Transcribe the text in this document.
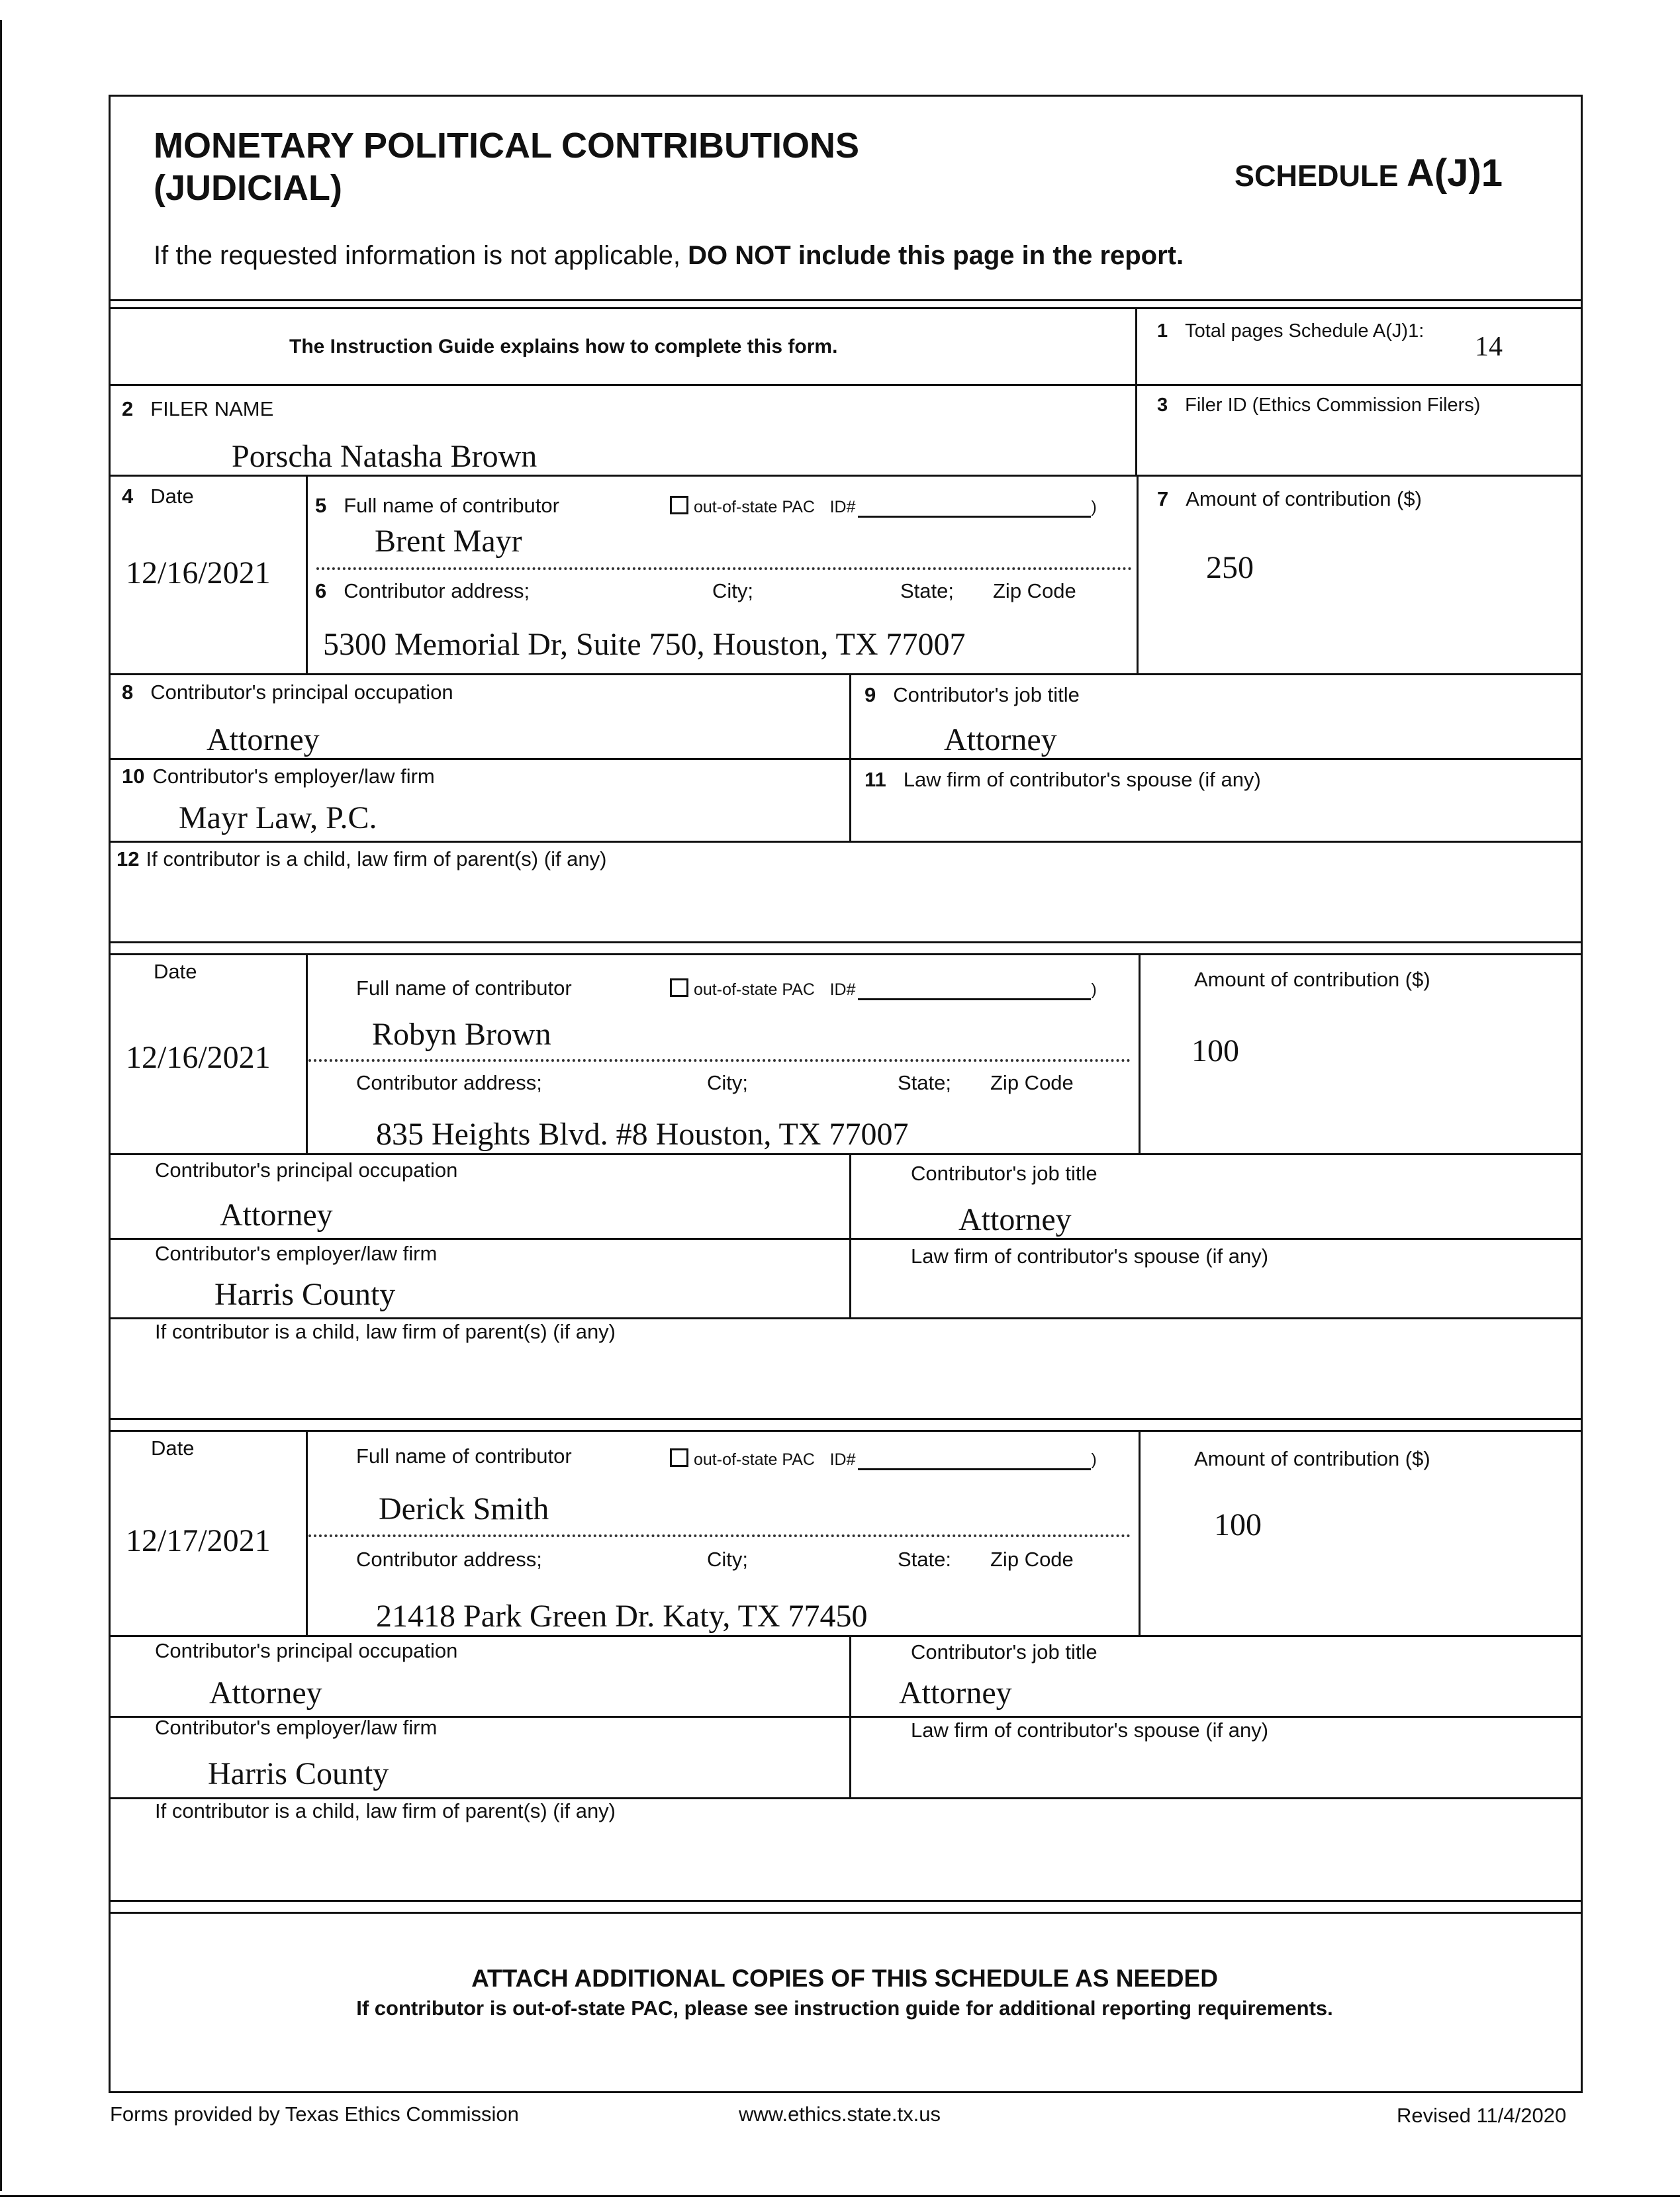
MONETARY POLITICAL CONTRIBUTIONS
(JUDICIAL)	SCHEDULE A(J)1
If the requested information is not applicable, DO NOT include this page in the report.
The Instruction Guide explains how to complete this form.
1 Total pages Schedule A(J)1:
14
2 FILER NAME
Porscha Natasha Brown
3 Filer ID (Ethics Commission Filers)
4 Date
12/16/2021
5 Full name of contributor	out-of-state PAC ID#	)
Brent Mayr
6 Contributor address;	City;	State; Zip Code
5300 Memorial Dr, Suite 750, Houston, TX 77007
7 Amount of contribution ($)
250
8 Contributor's principal occupation
Attorney
9 Contributor's job title
Attorney
10 Contributor's employer/law firm
Mayr Law, P.C.
11 Law firm of contributor's spouse (if any)
12 If contributor is a child, law firm of parent(s) (if any)
Date
12/16/2021
Full name of contributor	out-of-state PAC ID#	)
Robyn Brown
Contributor address;	City;	State; Zip Code
835 Heights Blvd. #8 Houston, TX 77007
Amount of contribution ($)
100
Contributor's principal occupation
Attorney
Contributor's job title
Attorney
Contributor's employer/law firm
Harris County
Law firm of contributor's spouse (if any)
If contributor is a child, law firm of parent(s) (if any)
Date
12/17/2021
Full name of contributor	out-of-state PAC ID#	)
Derick Smith
Contributor address;	City;	State: Zip Code
21418 Park Green Dr. Katy, TX 77450
Amount of contribution ($)
100
Contributor's principal occupation
Attorney
Contributor's job title
Attorney
Contributor's employer/law firm
Harris County
Law firm of contributor's spouse (if any)
If contributor is a child, law firm of parent(s) (if any)
ATTACH ADDITIONAL COPIES OF THIS SCHEDULE AS NEEDED
If contributor is out-of-state PAC, please see instruction guide for additional reporting requirements.
Forms provided by Texas Ethics Commission	www.ethics.state.tx.us	Revised 11/4/2020
